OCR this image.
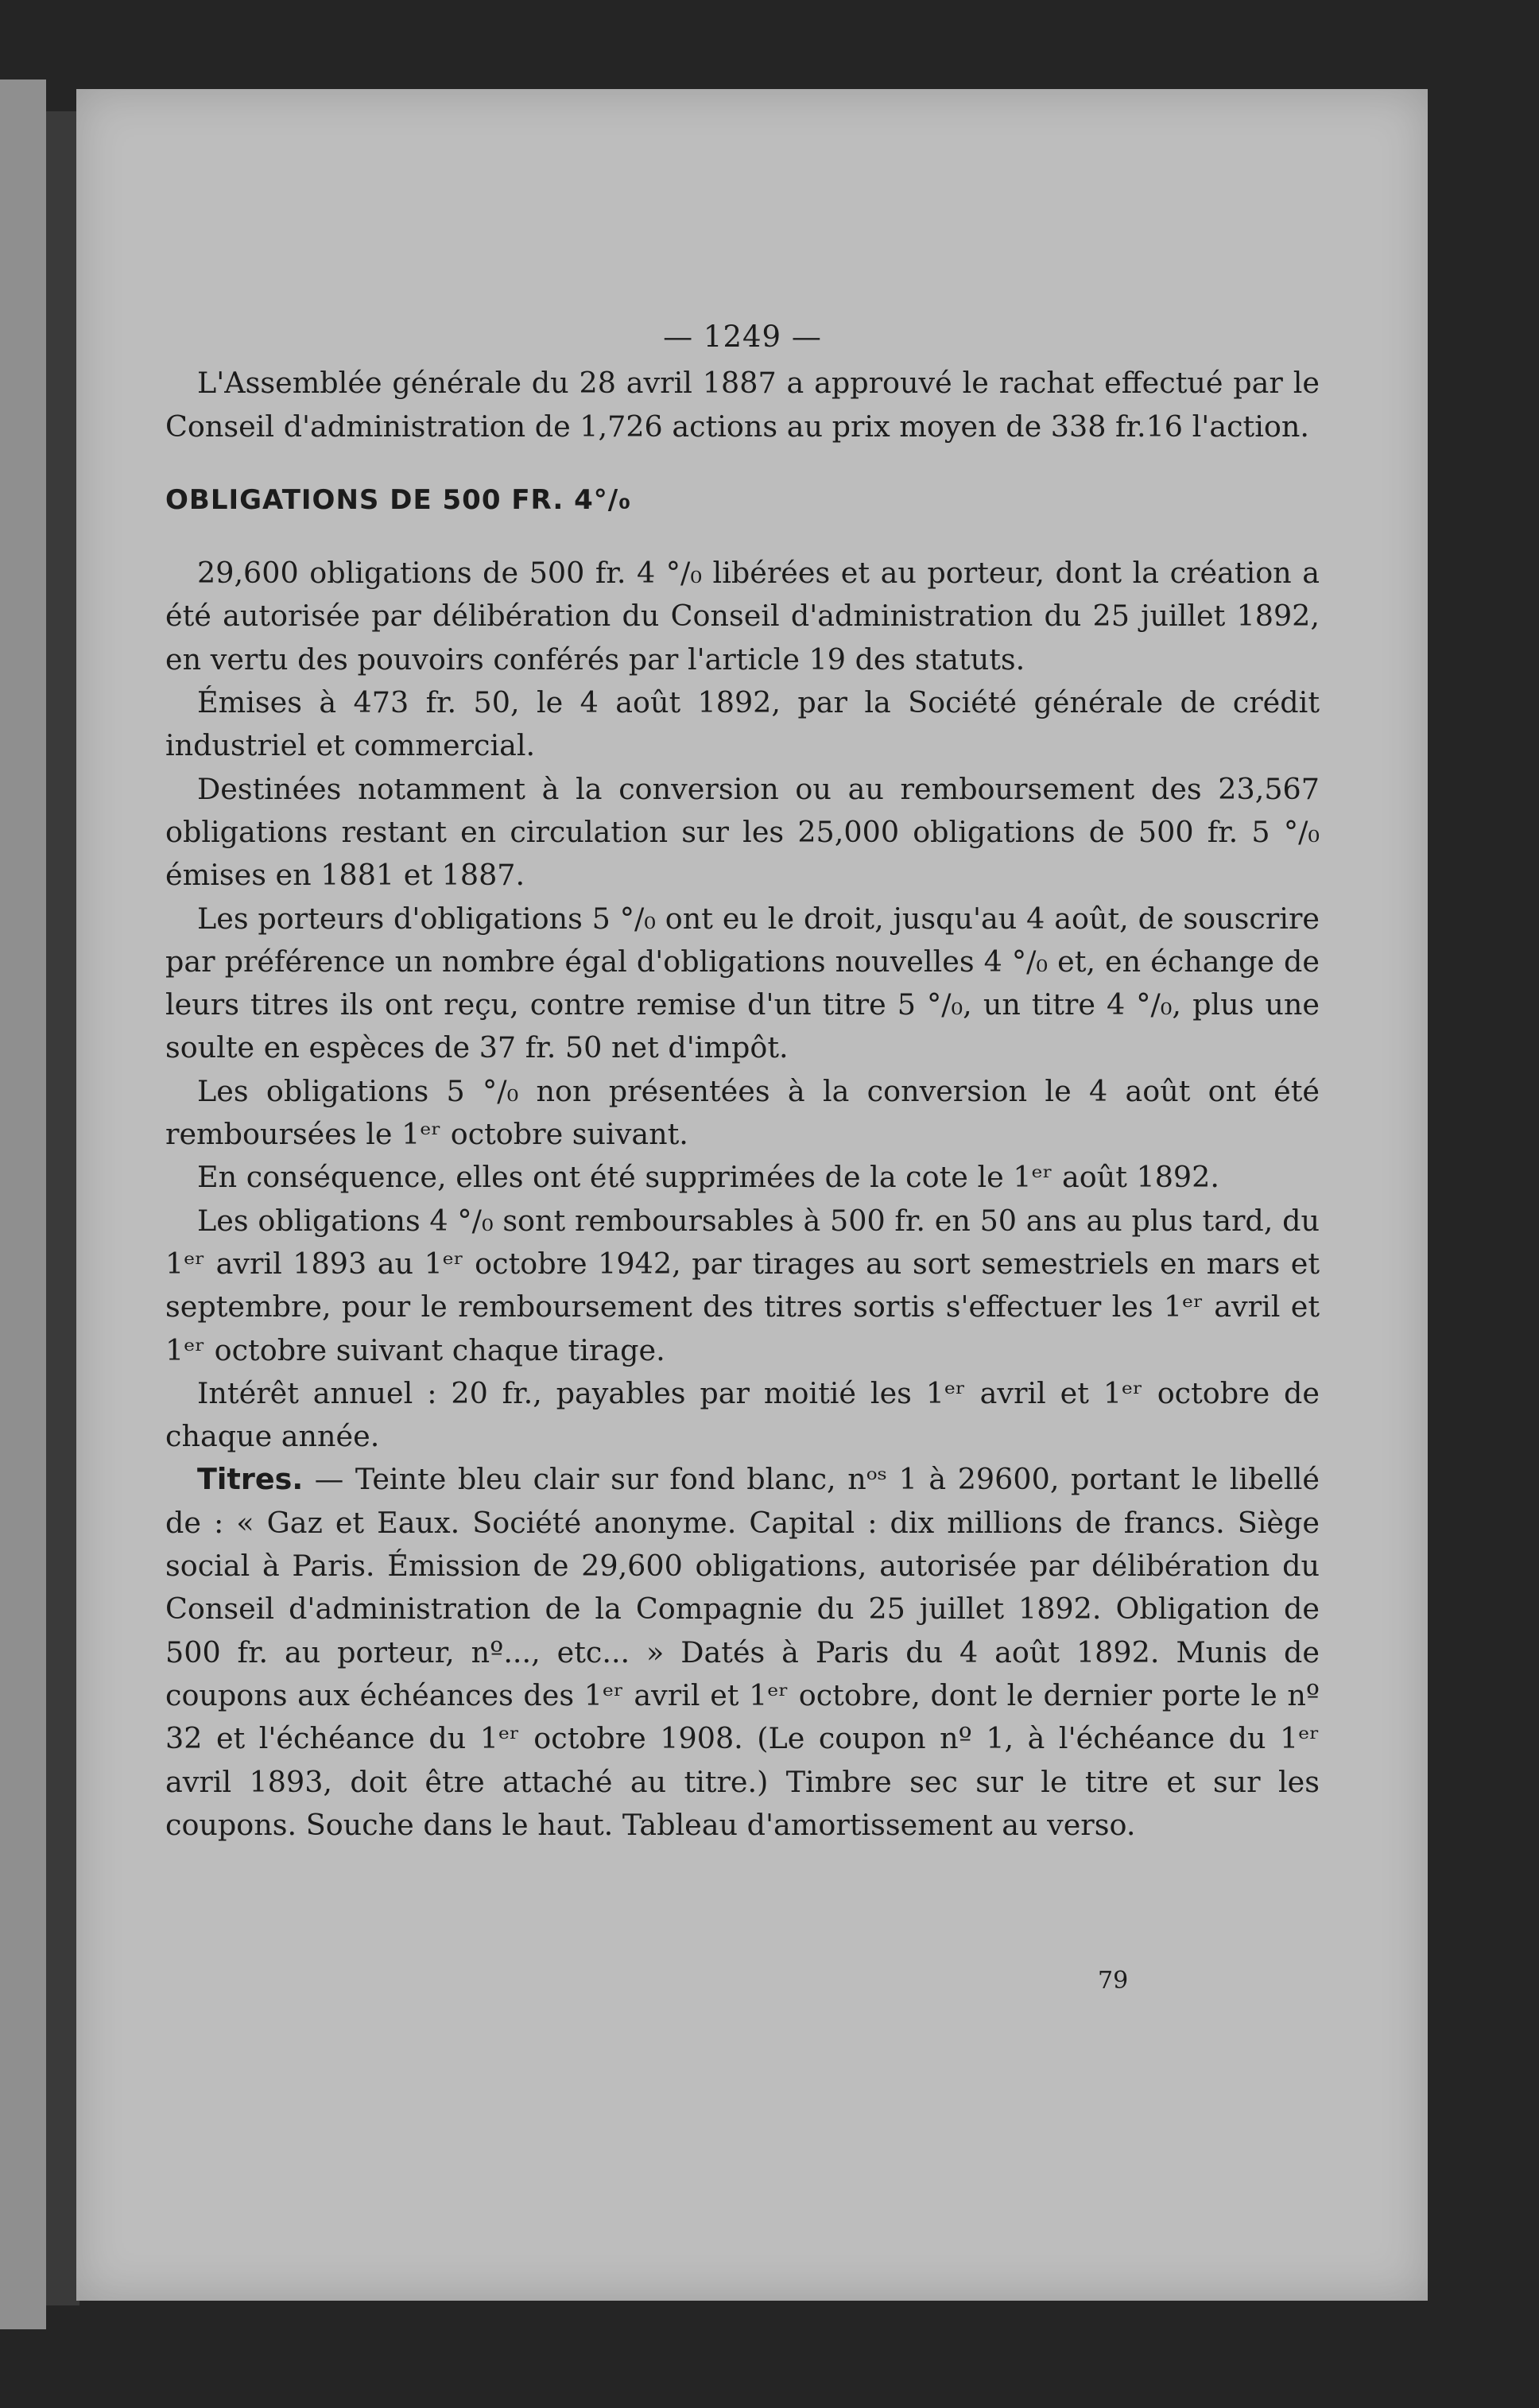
— 1249 —

L'Assemblée générale du 28 avril 1887 a approuvé le rachat effectué par le Conseil d'administration de 1,726 actions au prix moyen de 338 fr.16 l'action.

OBLIGATIONS DE 500 FR. 4°/₀

29,600 obligations de 500 fr. 4 °/₀ libérées et au porteur, dont la création a été autorisée par délibération du Conseil d'administration du 25 juillet 1892, en vertu des pouvoirs conférés par l'article 19 des statuts.

Émises à 473 fr. 50, le 4 août 1892, par la Société générale de crédit industriel et commercial.

Destinées notamment à la conversion ou au remboursement des 23,567 obligations restant en circulation sur les 25,000 obligations de 500 fr. 5 °/₀ émises en 1881 et 1887.

Les porteurs d'obligations 5 °/₀ ont eu le droit, jusqu'au 4 août, de souscrire par préférence un nombre égal d'obligations nouvelles 4 °/₀ et, en échange de leurs titres ils ont reçu, contre remise d'un titre 5 °/₀, un titre 4 °/₀, plus une soulte en espèces de 37 fr. 50 net d'impôt.

Les obligations 5 °/₀ non présentées à la conversion le 4 août ont été remboursées le 1ᵉʳ octobre suivant.

En conséquence, elles ont été supprimées de la cote le 1ᵉʳ août 1892.

Les obligations 4 °/₀ sont remboursables à 500 fr. en 50 ans au plus tard, du 1ᵉʳ avril 1893 au 1ᵉʳ octobre 1942, par tirages au sort semestriels en mars et septembre, pour le remboursement des titres sortis s'effectuer les 1ᵉʳ avril et 1ᵉʳ octobre suivant chaque tirage.

Intérêt annuel : 20 fr., payables par moitié les 1ᵉʳ avril et 1ᵉʳ octobre de chaque année.

Titres. — Teinte bleu clair sur fond blanc, nᵒˢ 1 à 29600, portant le libellé de : « Gaz et Eaux. Société anonyme. Capital : dix millions de francs. Siège social à Paris. Émission de 29,600 obligations, autorisée par délibération du Conseil d'administration de la Compagnie du 25 juillet 1892. Obligation de 500 fr. au porteur, nº..., etc... » Datés à Paris du 4 août 1892. Munis de coupons aux échéances des 1ᵉʳ avril et 1ᵉʳ octobre, dont le dernier porte le nº 32 et l'échéance du 1ᵉʳ octobre 1908. (Le coupon nº 1, à l'échéance du 1ᵉʳ avril 1893, doit être attaché au titre.) Timbre sec sur le titre et sur les coupons. Souche dans le haut. Tableau d'amortissement au verso.

79
